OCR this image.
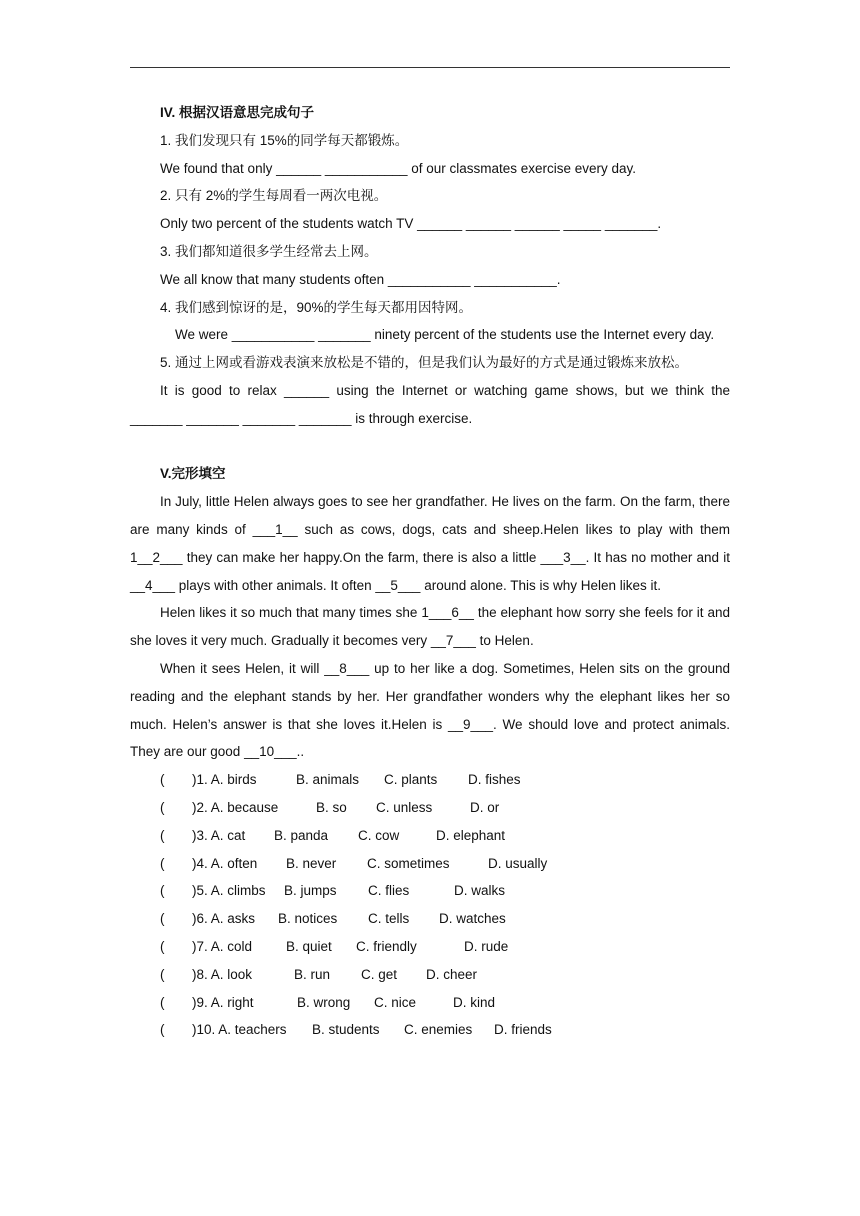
IV. 根据汉语意思完成句子
1. 我们发现只有 15%的同学每天都锻炼。
We found that only ______ ___________ of our classmates exercise every day.
2. 只有 2%的学生每周看一两次电视。
Only two percent of the students watch TV ______ ______ ______ _____ _______.
3. 我们都知道很多学生经常去上网。
We all know that many students often ___________ ___________.
4. 我们感到惊讶的是，90%的学生每天都用因特网。

We were ___________ _______ ninety percent of the students use the Internet every day.

5. 通过上网或看游戏表演来放松是不错的，但是我们认为最好的方式是通过锻炼来放松。

It is good to relax ______ using the Internet or watching game shows, but we think the _______ _______ _______ _______ is through exercise.

V.完形填空

In July, little Helen always goes to see her grandfather. He lives on the farm. On the farm, there are many kinds of ___1__ such as cows, dogs, cats and sheep.Helen likes to play with them 1__2___ they can make her happy.On the farm, there is also a little ___3__. It has no mother and it __4___ plays with other animals. It often __5___ around alone. This is why Helen likes it.

Helen likes it so much that many times she 1___6__ the elephant how sorry she feels for it and she loves it very much. Gradually it becomes very __7___ to Helen.

When it sees Helen, it will __8___ up to her like a dog. Sometimes, Helen sits on the ground reading and the elephant stands by her. Her grandfather wonders why the elephant likes her so much. Helen’s answer is that she loves it.Helen is __9___. We should love and protect animals. They are our good __10___..

(	)1. A. birds	B. animals	C. plants	D. fishes
(	)2. A. because	B. so	C. unless	D. or
(	)3. A. cat	B. panda	C. cow	D. elephant
(	)4. A. often	B. never	C. sometimes	D. usually
(	)5. A. climbs	B. jumps	C. flies	D. walks
(	)6. A. asks	B. notices	C. tells	D. watches
(	)7. A. cold	B. quiet	C. friendly	D. rude
(	)8. A. look	B. run	C. get	D. cheer
(	)9. A. right	B. wrong	C. nice	D. kind
(	)10. A. teachers	B. students	C. enemies	D. friends
